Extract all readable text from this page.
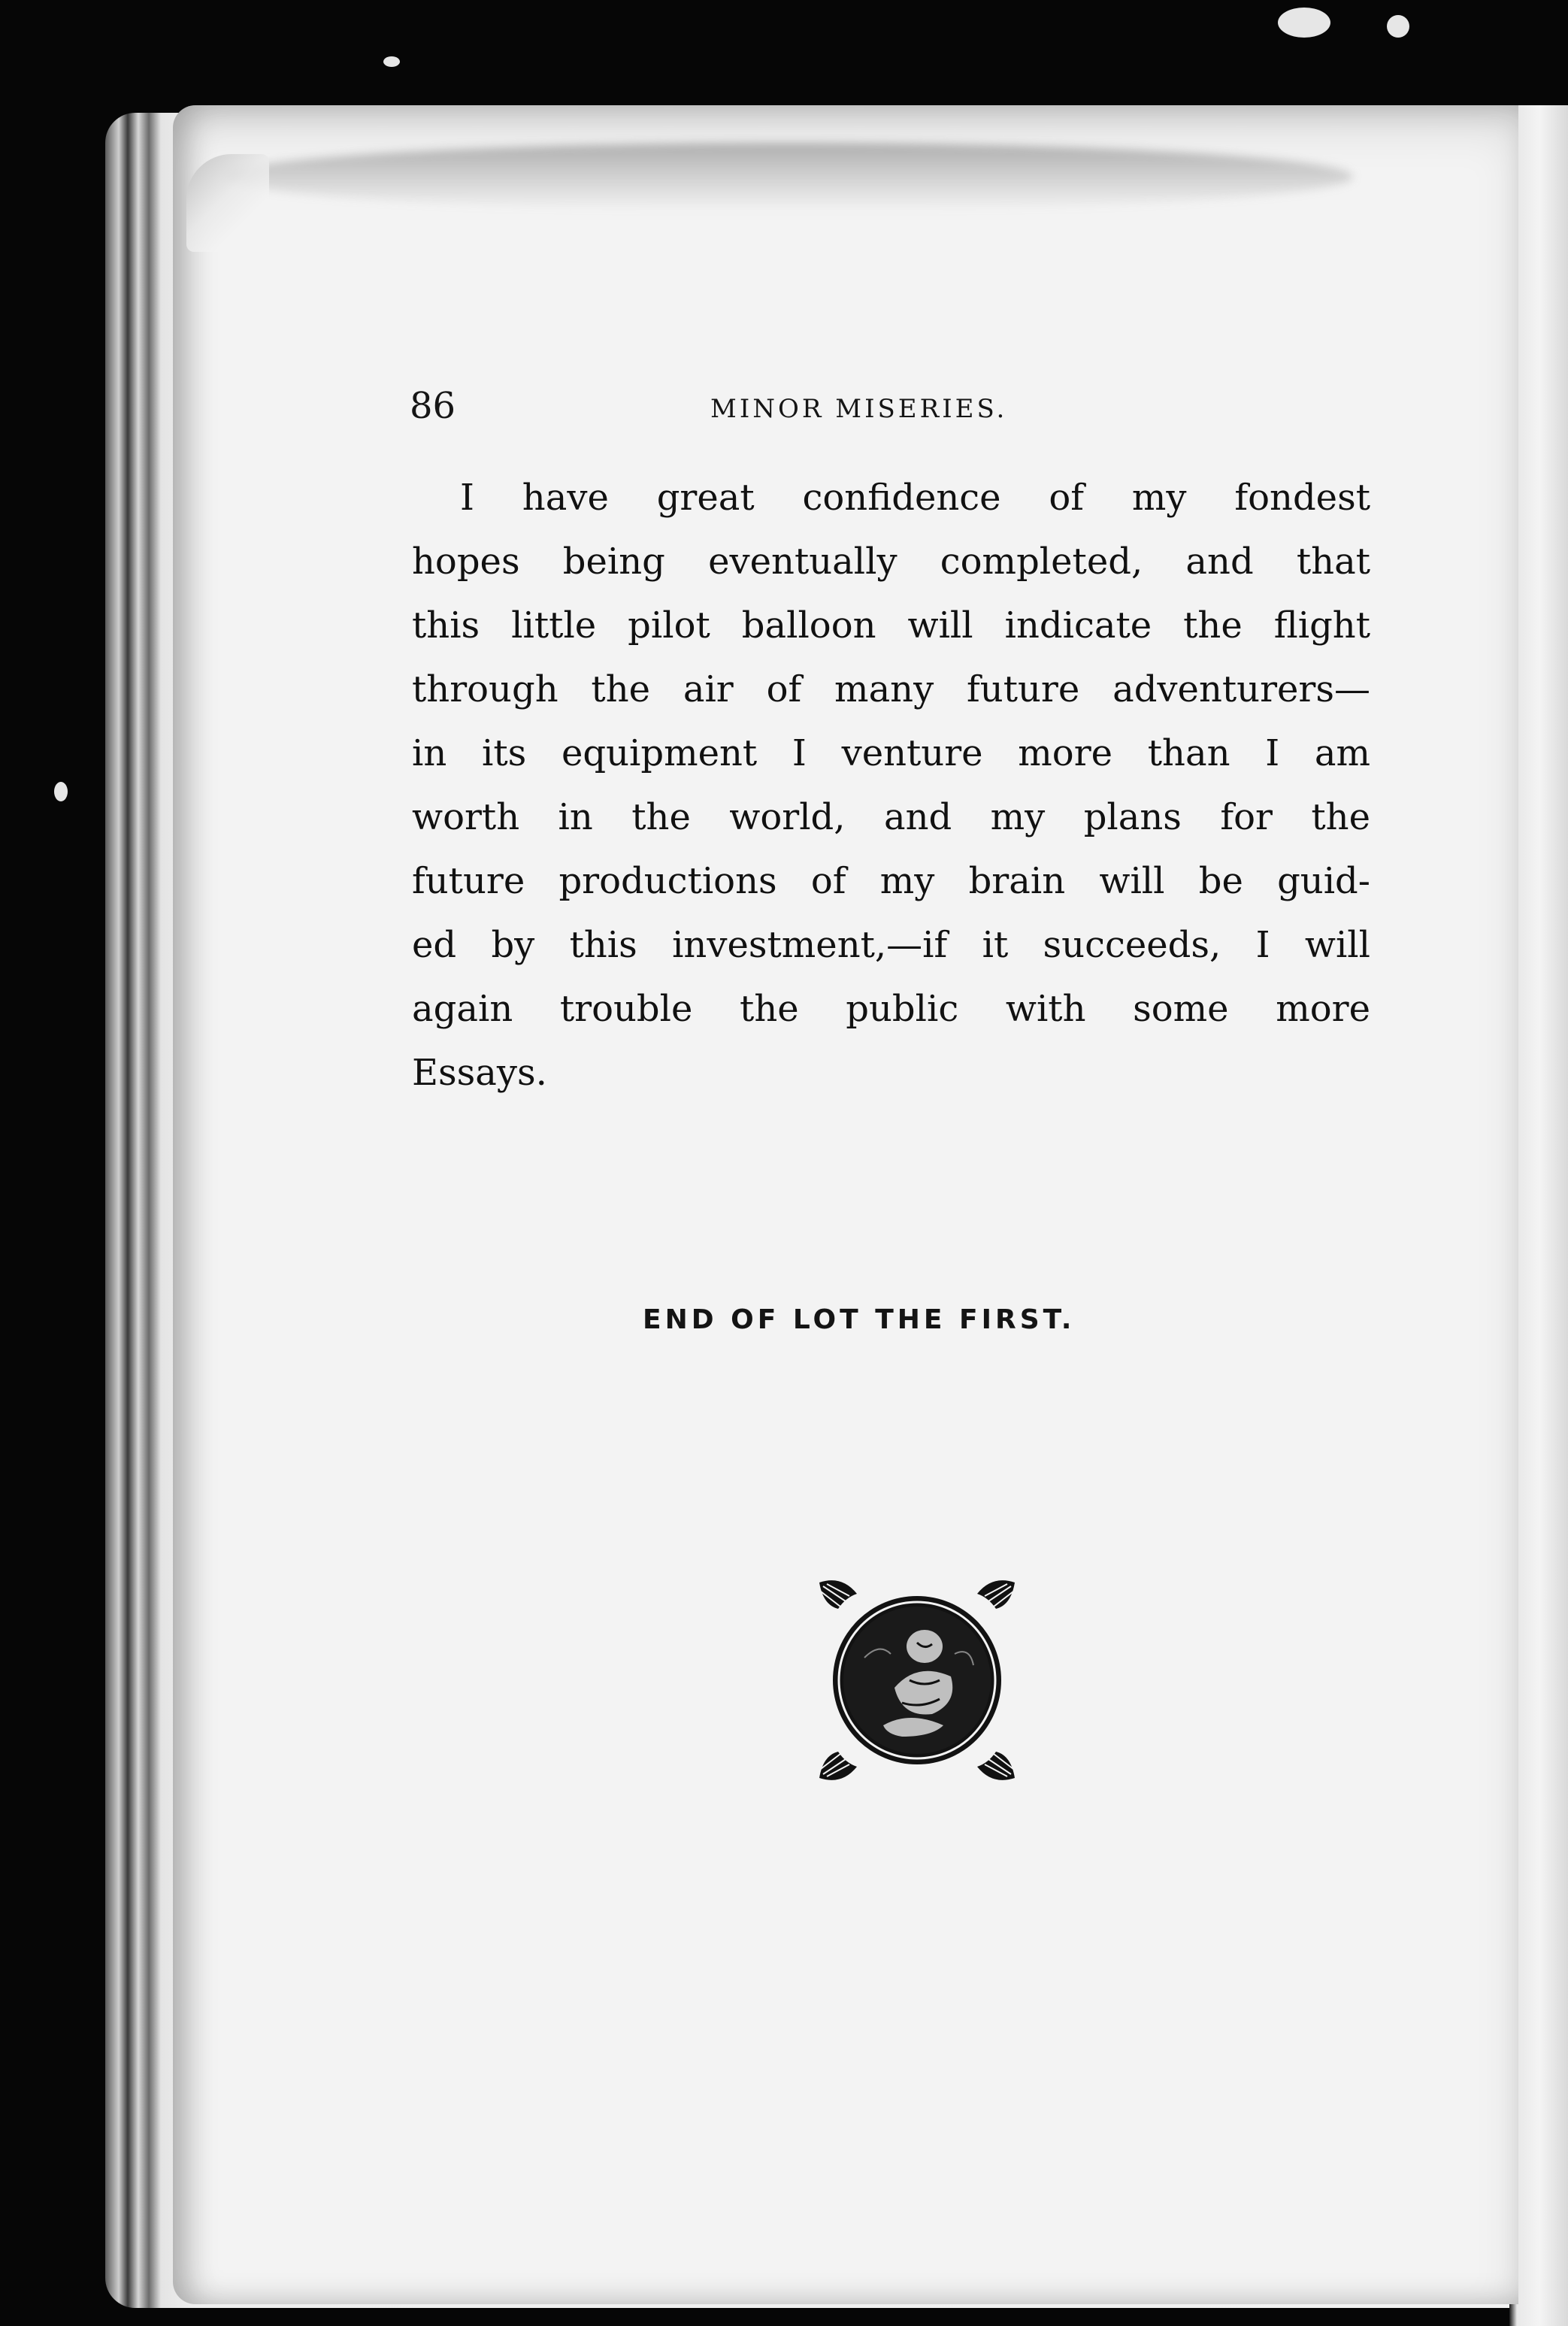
86	MINOR MISERIES.
I have great confidence of my fondest
hopes being eventually completed, and that
this little pilot balloon will indicate the flight
through the air of many future adventurers—
in its equipment I venture more than I am
worth in the world, and my plans for the
future productions of my brain will be guid-
ed by this investment,—if it succeeds, I will
again trouble the public with some more
Essays.
END OF LOT THE FIRST.
